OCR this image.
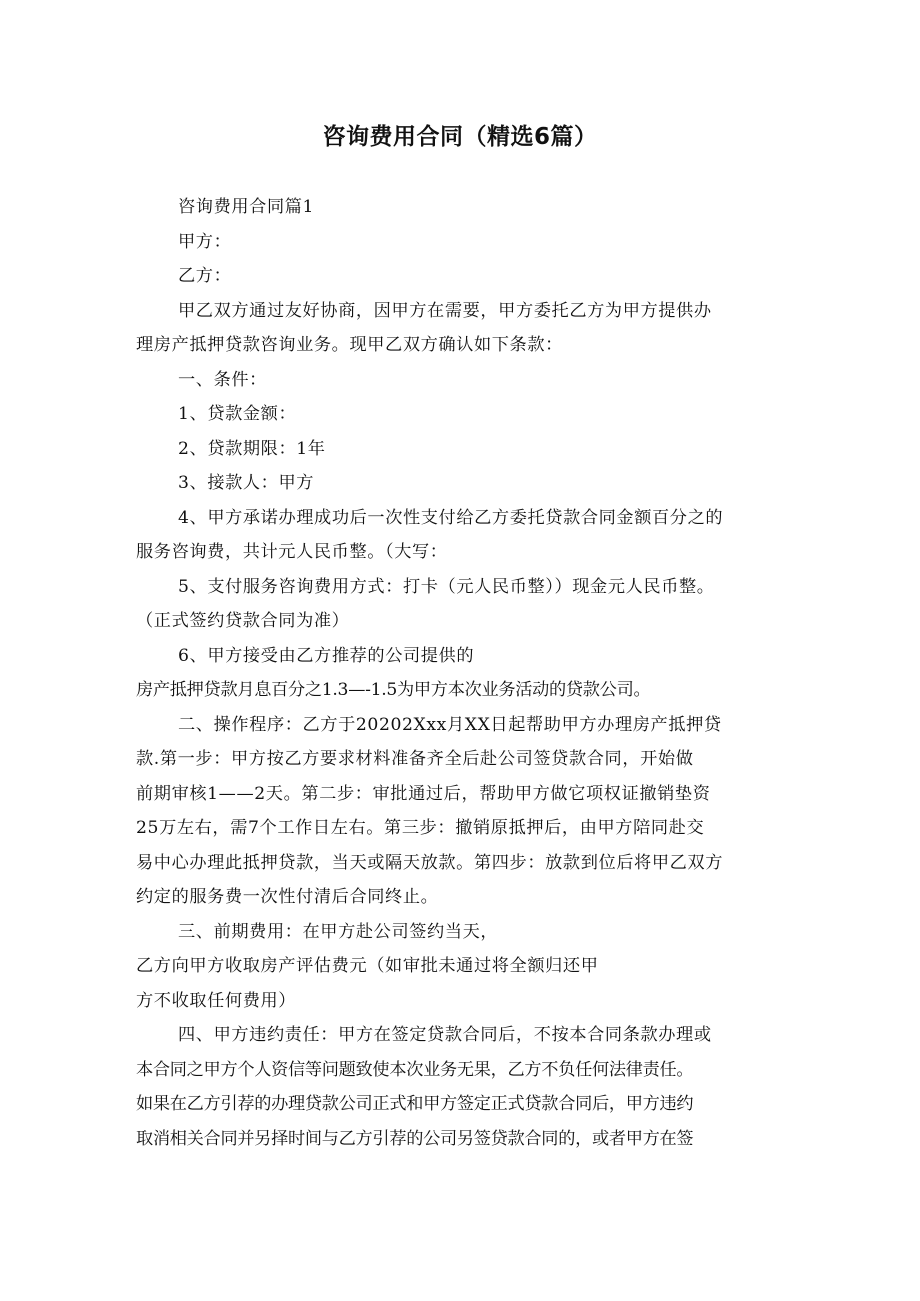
咨询费用合同（精选6篇）
咨询费用合同篇1
甲方：
乙方：
甲乙双方通过友好协商，因甲方在需要，甲方委托乙方为甲方提供办
理房产抵押贷款咨询业务。现甲乙双方确认如下条款：
一、条件：
1、贷款金额：
2、贷款期限：1年
3、接款人：甲方
4、甲方承诺办理成功后一次性支付给乙方委托贷款合同金额百分之的
服务咨询费，共计元人民币整。（大写：
5、支付服务咨询费用方式：打卡（元人民币整））现金元人民币整。
（正式签约贷款合同为准）
6、甲方接受由乙方推荐的公司提供的
房产抵押贷款月息百分之1.3—-1.5为甲方本次业务活动的贷款公司。
二、操作程序：乙方于20202Xxx月XX日起帮助甲方办理房产抵押贷
款.第一步：甲方按乙方要求材料准备齐全后赴公司签贷款合同，开始做
前期审核1——2天。第二步：审批通过后，帮助甲方做它项权证撤销垫资
25万左右，需7个工作日左右。第三步：撤销原抵押后，由甲方陪同赴交
易中心办理此抵押贷款，当天或隔天放款。第四步：放款到位后将甲乙双方
约定的服务费一次性付清后合同终止。
三、前期费用：在甲方赴公司签约当天，
乙方向甲方收取房产评估费元（如审批未通过将全额归还甲
方不收取任何费用）
四、甲方违约责任：甲方在签定贷款合同后，不按本合同条款办理或
本合同之甲方个人资信等问题致使本次业务无果，乙方不负任何法律责任。
如果在乙方引荐的办理贷款公司正式和甲方签定正式贷款合同后，甲方违约
取消相关合同并另择时间与乙方引荐的公司另签贷款合同的，或者甲方在签
